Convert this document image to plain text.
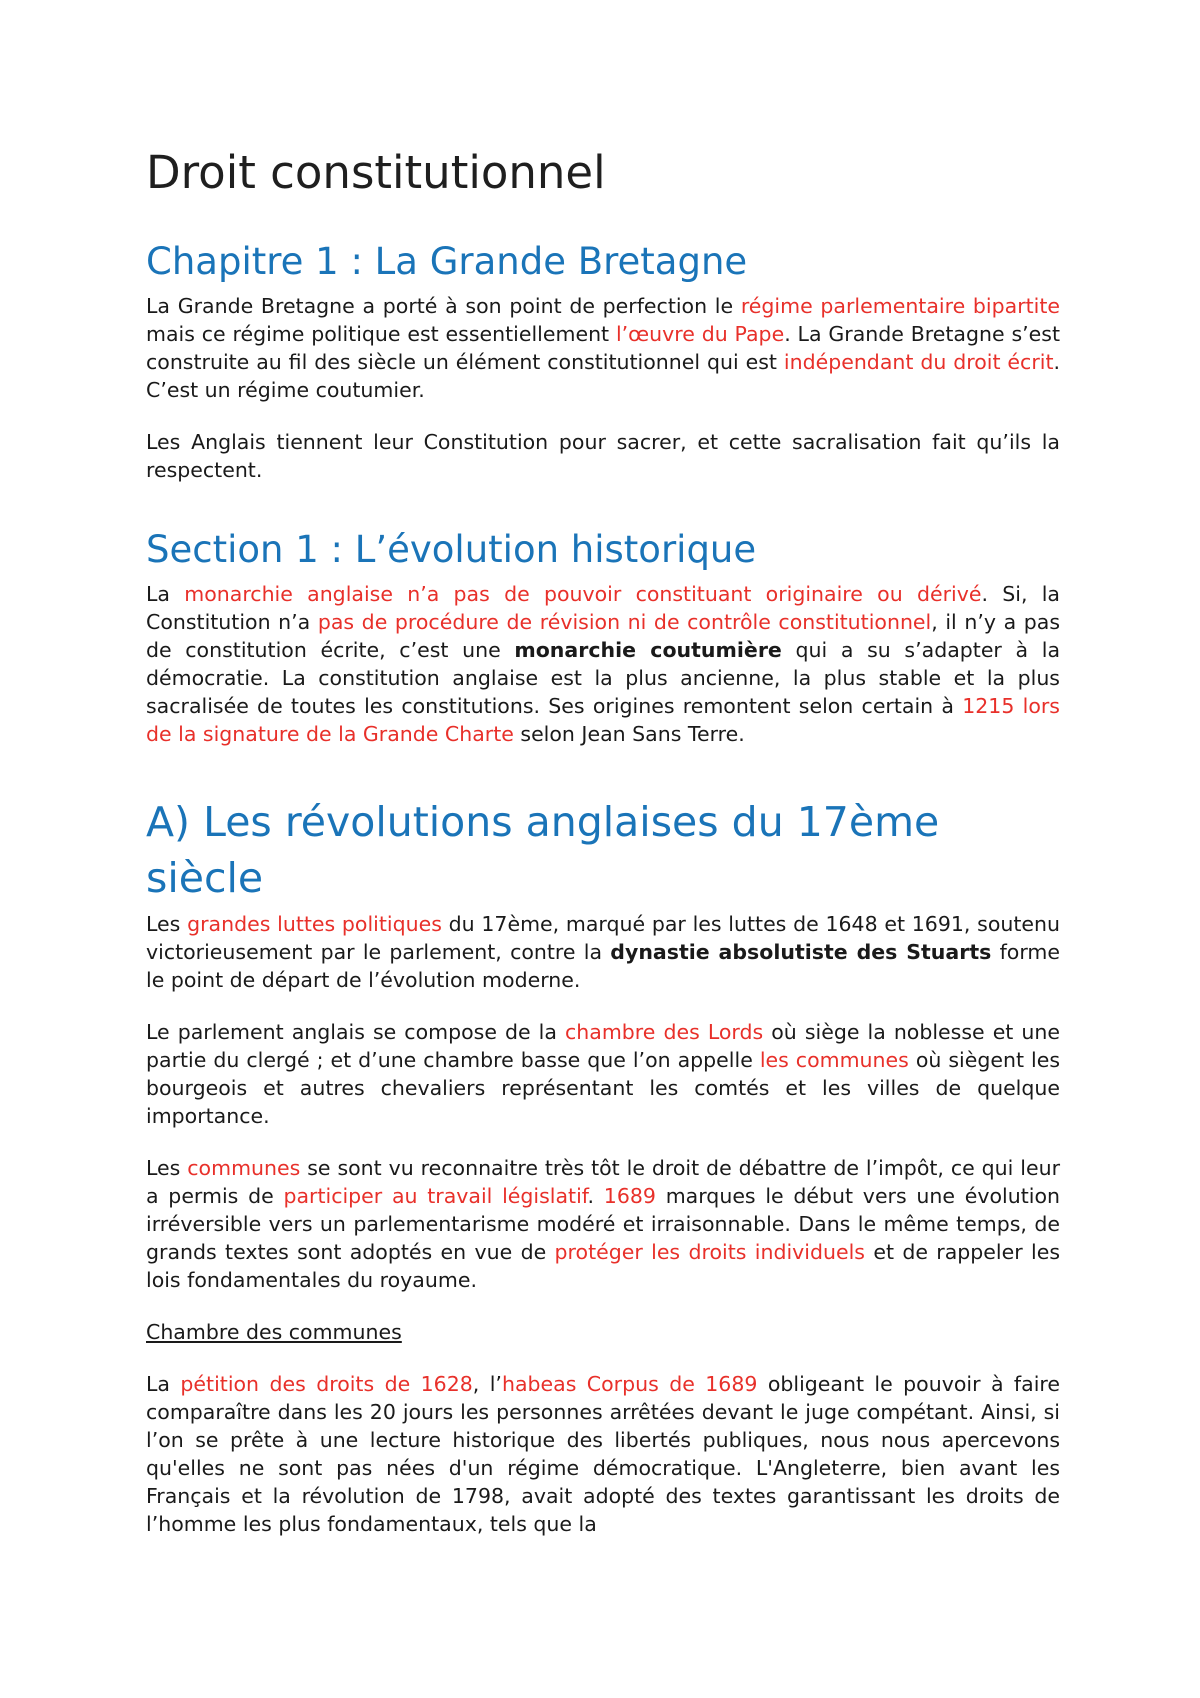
Droit constitutionnel
Chapitre 1 : La Grande Bretagne

La Grande Bretagne a porté à son point de perfection le régime parlementaire bipartite mais ce régime politique est essentiellement l’œuvre du Pape. La Grande Bretagne s’est construite au fil des siècle un élément constitutionnel qui est indépendant du droit écrit. C’est un régime coutumier.

Les Anglais tiennent leur Constitution pour sacrer, et cette sacralisation fait qu’ils la respectent.

Section 1 : L’évolution historique

La monarchie anglaise n’a pas de pouvoir constituant originaire ou dérivé. Si, la Constitution n’a pas de procédure de révision ni de contrôle constitutionnel, il n’y a pas de constitution écrite, c’est une monarchie coutumière qui a su s’adapter à la démocratie. La constitution anglaise est la plus ancienne, la plus stable et la plus sacralisée de toutes les constitutions. Ses origines remontent selon certain à 1215 lors de la signature de la Grande Charte selon Jean Sans Terre.

A) Les révolutions anglaises du 17ème siècle

Les grandes luttes politiques du 17ème, marqué par les luttes de 1648 et 1691, soutenu victorieusement par le parlement, contre la dynastie absolutiste des Stuarts forme le point de départ de l’évolution moderne.

Le parlement anglais se compose de la chambre des Lords où siège la noblesse et une partie du clergé ; et d’une chambre basse que l’on appelle les communes où siègent les bourgeois et autres chevaliers représentant les comtés et les villes de quelque importance.

Les communes se sont vu reconnaitre très tôt le droit de débattre de l’impôt, ce qui leur a permis de participer au travail législatif. 1689 marques le début vers une évolution irréversible vers un parlementarisme modéré et irraisonnable. Dans le même temps, de grands textes sont adoptés en vue de protéger les droits individuels et de rappeler les lois fondamentales du royaume.

Chambre des communes

La pétition des droits de 1628, l’habeas Corpus de 1689 obligeant le pouvoir à faire comparaître dans les 20 jours les personnes arrêtées devant le juge compétant. Ainsi, si l’on se prête à une lecture historique des libertés publiques, nous nous apercevons qu'elles ne sont pas nées d'un régime démocratique. L'Angleterre, bien avant les Français et la révolution de 1798, avait adopté des textes garantissant les droits de l’homme les plus fondamentaux, tels que la
